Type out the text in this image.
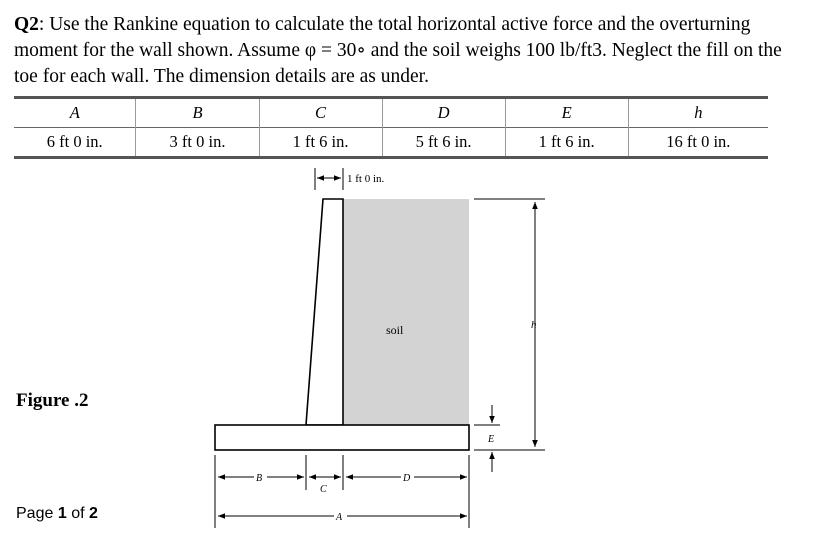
Q2: Use the Rankine equation to calculate the total horizontal active force and the overturning moment for the wall shown. Assume φ = 30∘ and the soil weighs 100 lb/ft3. Neglect the fill on the toe for each wall. The dimension details are as under.
A	B	C	D	E	h
6 ft 0 in.	3 ft 0 in.	1 ft 6 in.	5 ft 6 in.	1 ft 6 in.	16 ft 0 in.
1 ft 0 in.
h
E
B
C
D
A
soil
Figure .2
Page 1 of 2
